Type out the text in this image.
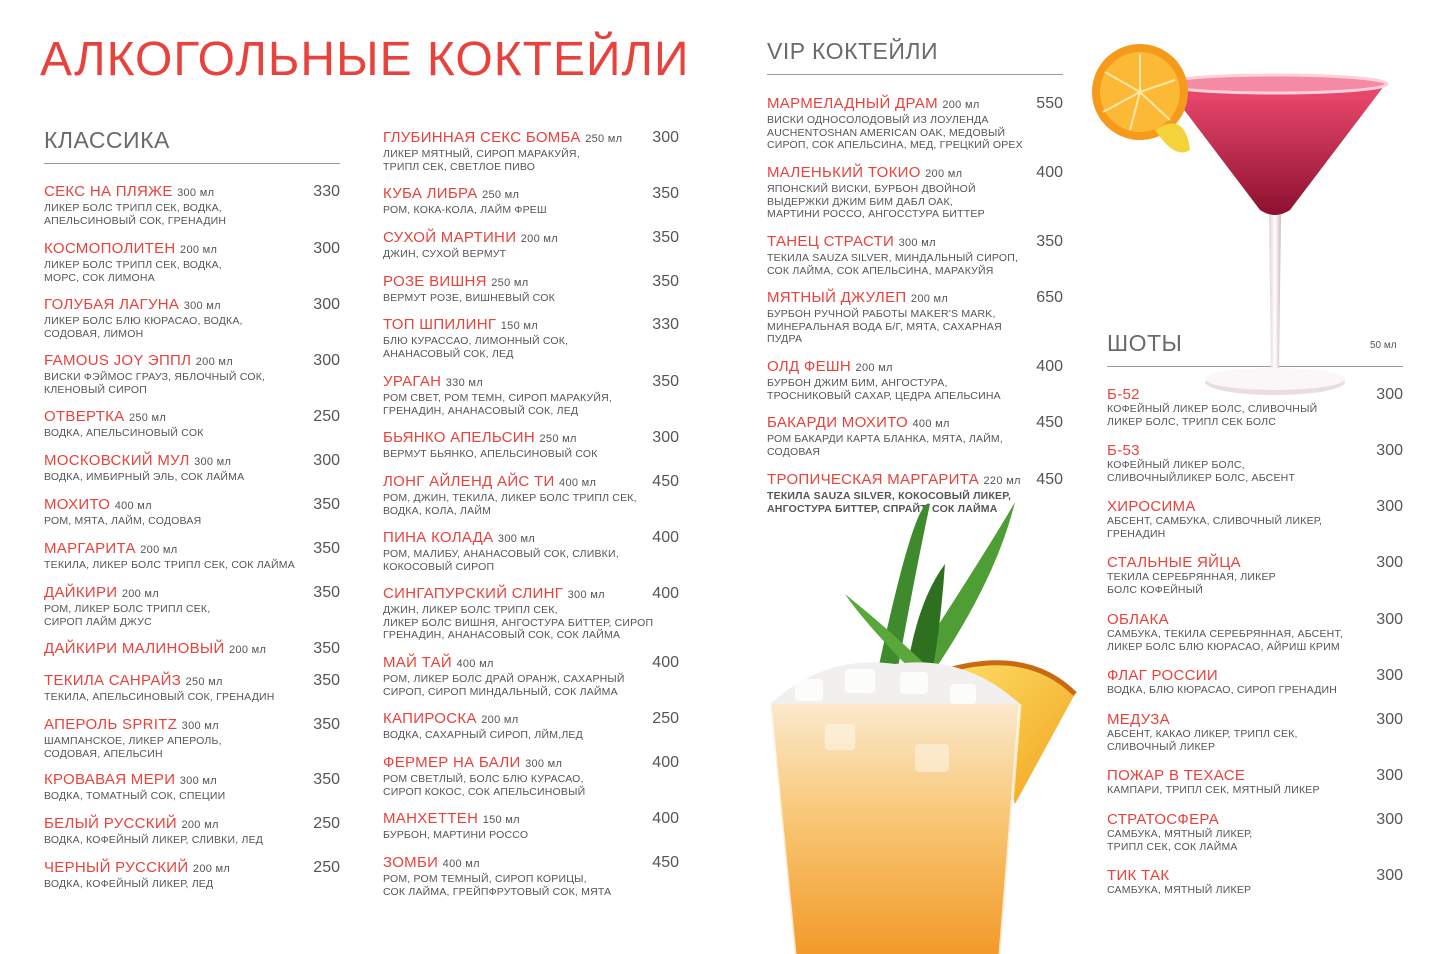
АЛКОГОЛЬНЫЕ КОКТЕЙЛИ
КЛАССИКА
VIP КОКТЕЙЛИ
ШОТЫ	50 мл
СЕКС НА ПЛЯЖЕ 300 мл	330
ЛИКЕР БОЛС ТРИПЛ СЕК, ВОДКА,
АПЕЛЬСИНОВЫЙ СОК, ГРЕНАДИН
КОСМОПОЛИТЕН 200 мл	300
ЛИКЕР БОЛС ТРИПЛ СЕК, ВОДКА,
МОРС, СОК ЛИМОНА
ГОЛУБАЯ ЛАГУНА 300 мл	300
ЛИКЕР БОЛС БЛЮ КЮРАСАО, ВОДКА,
СОДОВАЯ, ЛИМОН
FAMOUS JOY ЭППЛ 200 мл	300
ВИСКИ ФЭЙМОС ГРАУЗ, ЯБЛОЧНЫЙ СОК,
КЛЕНОВЫЙ СИРОП
ОТВЕРТКА 250 мл	250
ВОДКА, АПЕЛЬСИНОВЫЙ СОК
МОСКОВСКИЙ МУЛ 300 мл	300
ВОДКА, ИМБИРНЫЙ ЭЛЬ, СОК ЛАЙМА
МОХИТО 400 мл	350
РОМ, МЯТА, ЛАЙМ, СОДОВАЯ
МАРГАРИТА 200 мл	350
ТЕКИЛА, ЛИКЕР БОЛС ТРИПЛ СЕК, СОК ЛАЙМА
ДАЙКИРИ 200 мл	350
РОМ, ЛИКЕР БОЛС ТРИПЛ СЕК,
СИРОП ЛАЙМ ДЖУС
ДАЙКИРИ МАЛИНОВЫЙ 200 мл	350
ТЕКИЛА САНРАЙЗ 250 мл	350
ТЕКИЛА, АПЕЛЬСИНОВЫЙ СОК, ГРЕНАДИН
АПЕРОЛЬ SPRITZ 300 мл	350
ШАМПАНСКОЕ, ЛИКЕР АПЕРОЛЬ,
СОДОВАЯ, АПЕЛЬСИН
КРОВАВАЯ МЕРИ 300 мл	350
ВОДКА, ТОМАТНЫЙ СОК, СПЕЦИИ
БЕЛЫЙ РУССКИЙ 200 мл	250
ВОДКА, КОФЕЙНЫЙ ЛИКЕР, СЛИВКИ, ЛЕД
ЧЕРНЫЙ РУССКИЙ 200 мл	250
ВОДКА, КОФЕЙНЫЙ ЛИКЕР, ЛЕД
ГЛУБИННАЯ СЕКС БОМБА 250 мл	300
ЛИКЕР МЯТНЫЙ, СИРОП МАРАКУЙЯ,
ТРИПЛ СЕК, СВЕТЛОЕ ПИВО
КУБА ЛИБРА 250 мл	350
РОМ, КОКА-КОЛА, ЛАЙМ ФРЕШ
СУХОЙ МАРТИНИ 200 мл	350
ДЖИН, СУХОЙ ВЕРМУТ
РОЗЕ ВИШНЯ 250 мл	350
ВЕРМУТ РОЗЕ, ВИШНЕВЫЙ СОК
ТОП ШПИЛИНГ 150 мл	330
БЛЮ КУРАССАО, ЛИМОННЫЙ СОК,
АНАНАСОВЫЙ СОК, ЛЕД
УРАГАН 330 мл	350
РОМ СВЕТ, РОМ ТЕМН, СИРОП МАРАКУЙЯ,
ГРЕНАДИН, АНАНАСОВЫЙ СОК, ЛЕД
БЬЯНКО АПЕЛЬСИН 250 мл	300
ВЕРМУТ БЬЯНКО, АПЕЛЬСИНОВЫЙ СОК
ЛОНГ АЙЛЕНД АЙС ТИ 400 мл	450
РОМ, ДЖИН, ТЕКИЛА, ЛИКЕР БОЛС ТРИПЛ СЕК,
ВОДКА, КОЛА, ЛАЙМ
ПИНА КОЛАДА 300 мл	400
РОМ, МАЛИБУ, АНАНАСОВЫЙ СОК, СЛИВКИ,
КОКОСОВЫЙ СИРОП
СИНГАПУРСКИЙ СЛИНГ 300 мл	400
ДЖИН, ЛИКЕР БОЛС ТРИПЛ СЕК,
ЛИКЕР БОЛС ВИШНЯ, АНГОСТУРА БИТТЕР, СИРОП
ГРЕНАДИН, АНАНАСОВЫЙ СОК, СОК ЛАЙМА
МАЙ ТАЙ 400 мл	400
РОМ, ЛИКЕР БОЛС ДРАЙ ОРАНЖ, САХАРНЫЙ
СИРОП, СИРОП МИНДАЛЬНЫЙ, СОК ЛАЙМА
КАПИРОСКА 200 мл	250
ВОДКА, САХАРНЫЙ СИРОП, ЛЙМ,ЛЕД
ФЕРМЕР НА БАЛИ 300 мл	400
РОМ СВЕТЛЫЙ, БОЛС БЛЮ КУРАСАО,
СИРОП КОКОС, СОК АПЕЛЬСИНОВЫЙ
МАНХЕТТЕН 150 мл	400
БУРБОН, МАРТИНИ РОССО
ЗОМБИ 400 мл	450
РОМ, РОМ ТЕМНЫЙ, СИРОП КОРИЦЫ,
СОК ЛАЙМА, ГРЕЙПФРУТОВЫЙ СОК, МЯТА
МАРМЕЛАДНЫЙ ДРАМ 200 мл	550
ВИСКИ ОДНОСОЛОДОВЫЙ ИЗ ЛОУЛЕНДА
AUCHENTOSHAN AMERICAN OAK, МЕДОВЫЙ
СИРОП, СОК АПЕЛЬСИНА, МЕД, ГРЕЦКИЙ ОРЕХ
МАЛЕНЬКИЙ ТОКИО 200 мл	400
ЯПОНСКИЙ ВИСКИ, БУРБОН ДВОЙНОЙ
ВЫДЕРЖКИ ДЖИМ БИМ ДАБЛ ОАК,
МАРТИНИ РОССО, АНГОССТУРА БИТТЕР
ТАНЕЦ СТРАСТИ 300 мл	350
ТЕКИЛА SAUZA SILVER, МИНДАЛЬНЫЙ СИРОП,
СОК ЛАЙМА, СОК АПЕЛЬСИНА, МАРАКУЙЯ
МЯТНЫЙ ДЖУЛЕП 200 мл	650
БУРБОН РУЧНОЙ РАБОТЫ MAKER'S MARK,
МИНЕРАЛЬНАЯ ВОДА Б/Г, МЯТА, САХАРНАЯ
ПУДРА
ОЛД ФЕШН 200 мл	400
БУРБОН ДЖИМ БИМ, АНГОСТУРА,
ТРОСНИКОВЫЙ САХАР, ЦЕДРА АПЕЛЬСИНА
БАКАРДИ МОХИТО 400 мл	450
РОМ БАКАРДИ КАРТА БЛАНКА, МЯТА, ЛАЙМ,
СОДОВАЯ
ТРОПИЧЕСКАЯ МАРГАРИТА 220 мл 450
ТЕКИЛА SAUZA SILVER, КОКОСОВЫЙ ЛИКЕР,
АНГОСТУРА БИТТЕР, СПРАЙТ, СОК ЛАЙМА
Б-52	300
КОФЕЙНЫЙ ЛИКЕР БОЛС, СЛИВОЧНЫЙ
ЛИКЕР БОЛС, ТРИПЛ СЕК БОЛС
Б-53	300
КОФЕЙНЫЙ ЛИКЕР БОЛС,
СЛИВОЧНЫЙЛИКЕР БОЛС, АБСЕНТ
ХИРОСИМА	300
АБСЕНТ, САМБУКА, СЛИВОЧНЫЙ ЛИКЕР,
ГРЕНАДИН
СТАЛЬНЫЕ ЯЙЦА	300
ТЕКИЛА СЕРЕБРЯННАЯ, ЛИКЕР
БОЛС КОФЕЙНЫЙ
ОБЛАКА	300
САМБУКА, ТЕКИЛА СЕРЕБРЯННАЯ, АБСЕНТ,
ЛИКЕР БОЛС БЛЮ КЮРАСАО, АЙРИШ КРИМ
ФЛАГ РОССИИ	300
ВОДКА, БЛЮ КЮРАСАО, СИРОП ГРЕНАДИН
МЕДУЗА	300
АБСЕНТ, КАКАО ЛИКЕР, ТРИПЛ СЕК,
СЛИВОЧНЫЙ ЛИКЕР
ПОЖАР В ТЕХАСЕ	300
КАМПАРИ, ТРИПЛ СЕК, МЯТНЫЙ ЛИКЕР
СТРАТОСФЕРА	300
САМБУКА, МЯТНЫЙ ЛИКЕР,
ТРИПЛ СЕК, СОК ЛАЙМА
ТИК ТАК	300
САМБУКА, МЯТНЫЙ ЛИКЕР
